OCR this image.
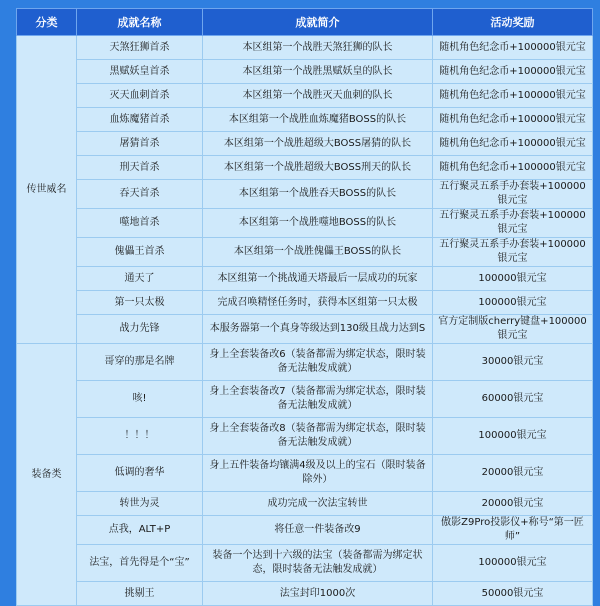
分类	成就名称	成就简介	活动奖励
传世威名	天煞狂狮首杀	本区组第一个战胜天煞狂狮的队长	随机角色纪念币+100000银元宝
	黑赋妖皇首杀	本区组第一个战胜黑赋妖皇的队长	随机角色纪念币+100000银元宝
	灭天血刺首杀	本区组第一个战胜灭天血刺的队长	随机角色纪念币+100000银元宝
	血炼魔猪首杀	本区组第一个战胜血炼魔猪BOSS的队长	随机角色纪念币+100000银元宝
	屠猜首杀	本区组第一个战胜超级大BOSS屠猜的队长	随机角色纪念币+100000银元宝
	刑天首杀	本区组第一个战胜超级大BOSS刑天的队长	随机角色纪念币+100000银元宝
	吞天首杀	本区组第一个战胜吞天BOSS的队长	五行聚灵五系手办套装+100000银元宝
	噬地首杀	本区组第一个战胜噬地BOSS的队长	五行聚灵五系手办套装+100000银元宝
	傀儡王首杀	本区组第一个战胜傀儡王BOSS的队长	五行聚灵五系手办套装+100000银元宝
	通天了	本区组第一个挑战通天塔最后一层成功的玩家	100000银元宝
	第一只太极	完成召唤精怪任务时，获得本区组第一只太极	100000银元宝
	战力先锋	本服务器第一个真身等级达到130级且战力达到S	官方定制版cherry键盘+100000银元宝
装备类	哥穿的那是名牌	身上全套装备改6（装备都需为绑定状态，限时装备无法触发成就）	30000银元宝
	咳!	身上全套装备改7（装备都需为绑定状态，限时装备无法触发成就）	60000银元宝
	！！！	身上全套装备改8（装备都需为绑定状态，限时装备无法触发成就）	100000银元宝
	低调的奢华	身上五件装备均镶满4级及以上的宝石（限时装备除外）	20000银元宝
	转世为灵	成功完成一次法宝转世	20000银元宝
	点我，ALT+P	将任意一件装备改9	傲影Z9Pro投影仪+称号“第一匠师”
	法宝，首先得是个“宝”	装备一个达到十六级的法宝（装备都需为绑定状态，限时装备无法触发成就）	100000银元宝
	挑剔王	法宝封印1000次	50000银元宝
